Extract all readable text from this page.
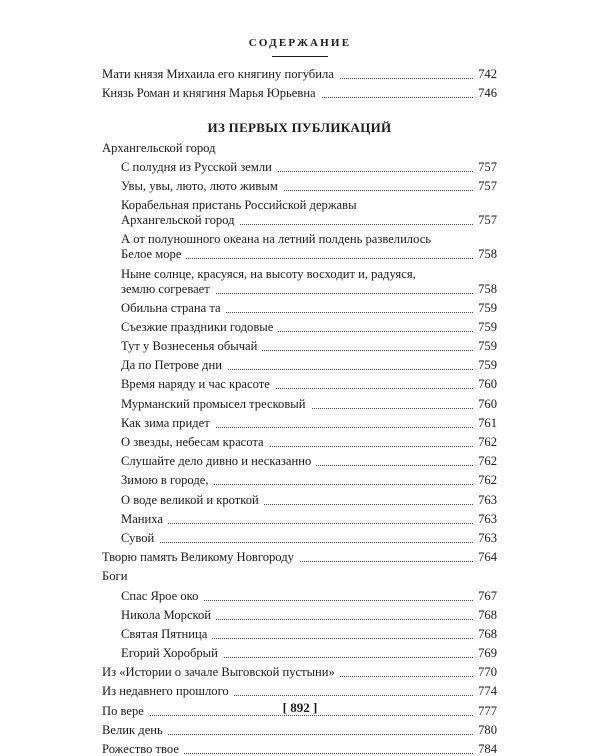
СОДЕРЖАНИЕ
Мати князя Михаила его княгину погубила	742
Князь Роман и княгиня Марья Юрьевна	746
ИЗ ПЕРВЫХ ПУБЛИКАЦИЙ
Архангельской город
С полудня из Русской земли	757
Увы, увы, люто, люто живым	757
Корабельная пристань Российской державы
Архангельской город	757
А от полуношного океана на летний полдень развелилось
Белое море	758
Ныне солнце, красуяся, на высоту восходит и, радуяся,
землю согревает	758
Обильна страна та	759
Съезжие праздники годовые	759
Тут у Вознесенья обычай	759
Да по Петрове дни	759
Время наряду и час красоте	760
Мурманский промысел тресковый	760
Как зима придет	761
О звезды, небесам красота	762
Слушайте дело дивно и несказанно	762
Зимою в городе,	762
О воде великой и кроткой	763
Маниха	763
Сувой	763
Творю память Великому Новгороду	764
Боги
Спас Ярое око	767
Никола Морской	768
Святая Пятница	768
Егорий Хоробрый	769
Из «Истории о зачале Выговской пустыни»	770
Из недавнего прошлого	774
По вере	777
Велик день	780
Рожество твое	784
[ 892 ]
